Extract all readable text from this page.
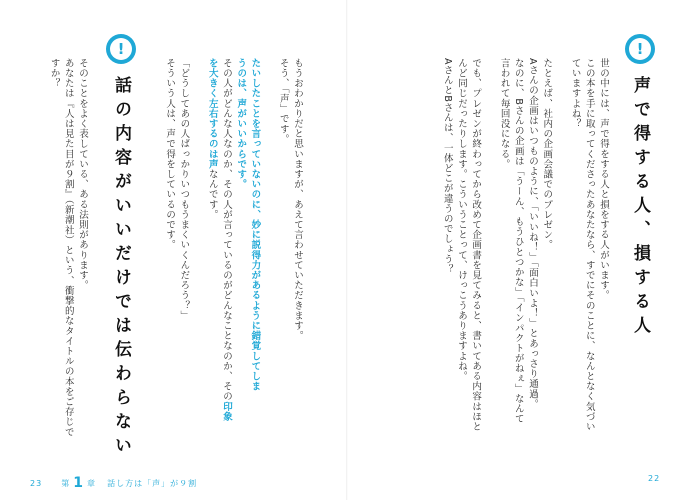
!
声で得する人、損する人
世の中には、声で得をする人と損をする人がいます。
この本を手に取ってくださったあなたなら、すでにそのことに、なんとなく気づい
ていますよね？

たとえば、社内の企画会議でのプレゼン。
Aさんの企画はいつものように、「いいね！」「面白いよ！」とあっさり通過。
なのに、Bさんの企画は「うーん、もうひとつかな」「インパクトがねぇ」なんて
言われて毎回没になる。

でも、プレゼンが終わってから改めて企画書を見てみると、書いてある内容はほと
んど同じだったりします。こういうことって、けっこうありますよね。
AさんとBさんは、一体どこが違うのでしょう？
22
もうおわかりだと思いますが、あえて言わせていただきます。
そう、「声」です。

たいしたことを言っていないのに、妙に説得力があるように錯覚してしま
うのは、声がいいからです。
その人がどんな人なのか、その人が言っているのがどんなことなのか、その印象
を大きく左右するのは声なんです。

「どうしてあの人ばっかりいつもうまくいくんだろう？」
そういう人は、声で得をしているのです。
!
話の内容がいいだけでは伝わらない
そのことをよく表している、ある法則があります。
あなたは『人は見た目が９割』（新潮社）という、衝撃的なタイトルの本をご存じで
すか？
23 第 1 章 話し方は「声」が９割
